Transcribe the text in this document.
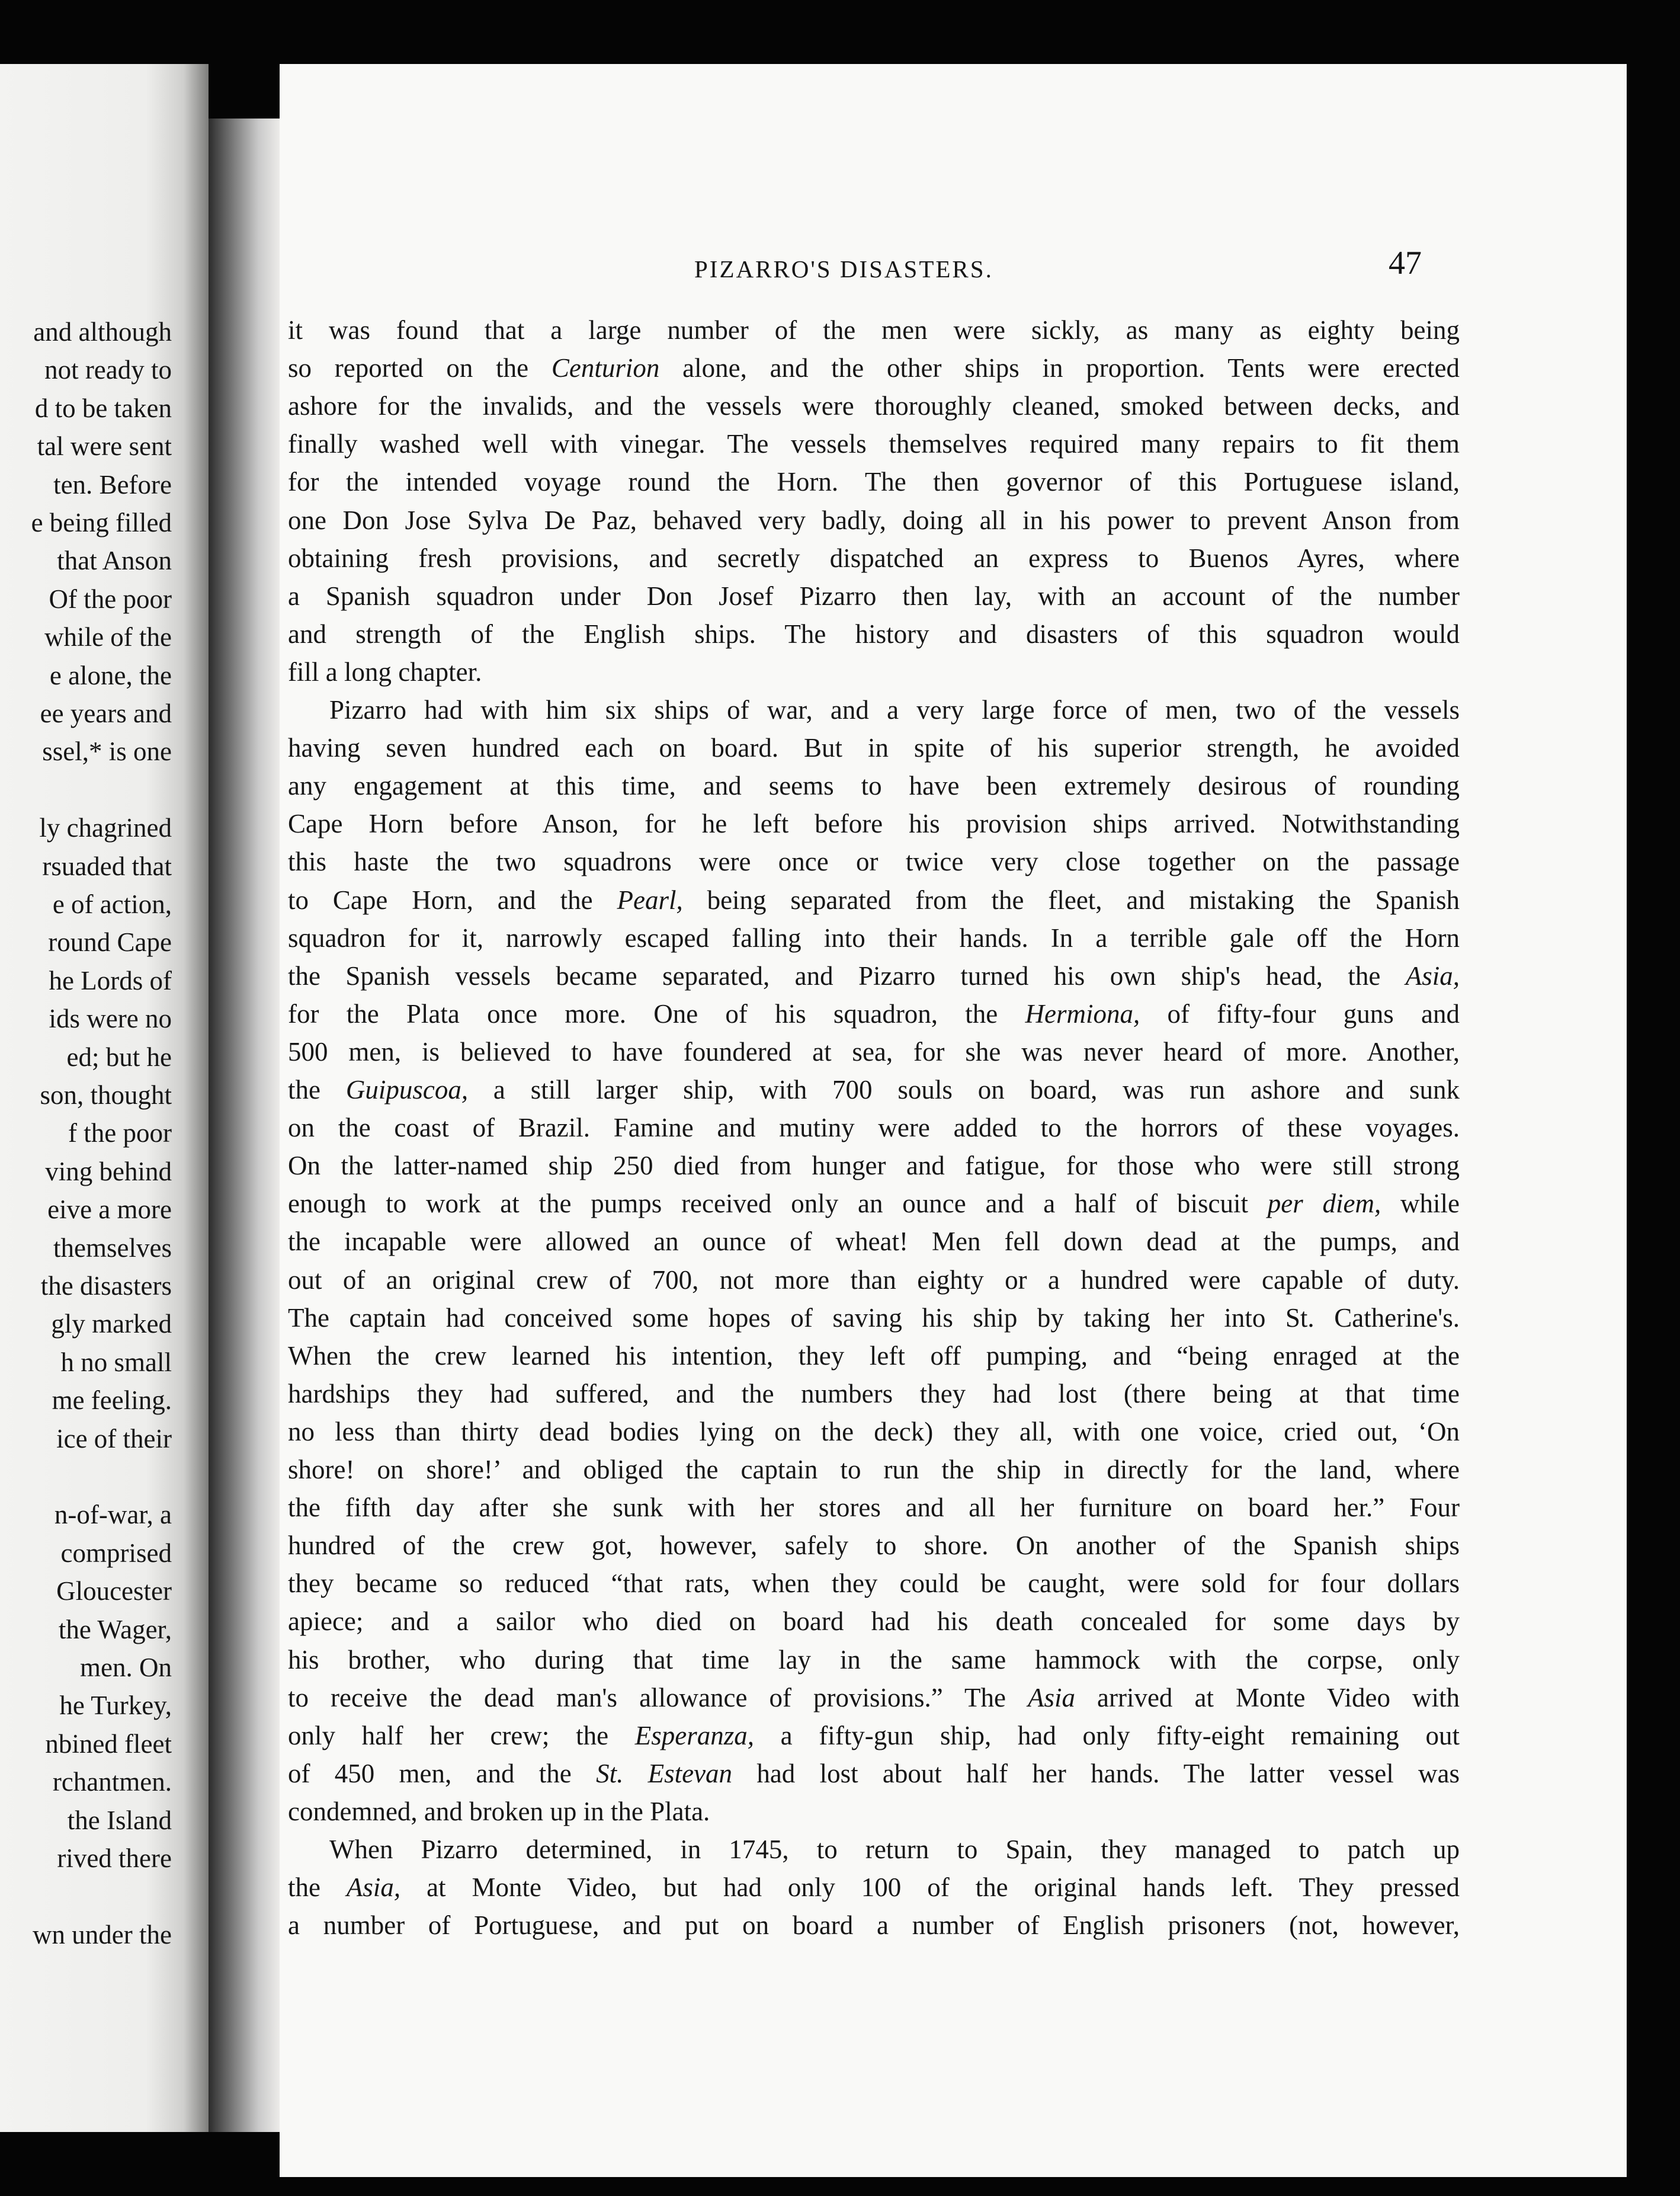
and although
not ready to
d to be taken
tal were sent
ten. Before
e being filled
that Anson
Of the poor
while of the
e alone, the
ee years and
ssel,* is one
ly chagrined
rsuaded that
e of action,
round Cape
he Lords of
ids were no
ed; but he
son, thought
f the poor
ving behind
eive a more
themselves
the disasters
gly marked
h no small
me feeling.
ice of their
n-of-war, a
comprised
Gloucester
the Wager,
men. On
he Turkey,
nbined fleet
rchantmen.
the Island
rived there
wn under the
PIZARRO'S DISASTERS.	47
it was found that a large number of the men were sickly, as many as eighty being
so reported on the Centurion alone, and the other ships in proportion. Tents were erected
ashore for the invalids, and the vessels were thoroughly cleaned, smoked between decks, and
finally washed well with vinegar. The vessels themselves required many repairs to fit them
for the intended voyage round the Horn. The then governor of this Portuguese island,
one Don Jose Sylva De Paz, behaved very badly, doing all in his power to prevent Anson from
obtaining fresh provisions, and secretly dispatched an express to Buenos Ayres, where
a Spanish squadron under Don Josef Pizarro then lay, with an account of the number
and strength of the English ships. The history and disasters of this squadron would
fill a long chapter.
Pizarro had with him six ships of war, and a very large force of men, two of the vessels
having seven hundred each on board. But in spite of his superior strength, he avoided
any engagement at this time, and seems to have been extremely desirous of rounding
Cape Horn before Anson, for he left before his provision ships arrived. Notwithstanding
this haste the two squadrons were once or twice very close together on the passage
to Cape Horn, and the Pearl, being separated from the fleet, and mistaking the Spanish
squadron for it, narrowly escaped falling into their hands. In a terrible gale off the Horn
the Spanish vessels became separated, and Pizarro turned his own ship's head, the Asia,
for the Plata once more. One of his squadron, the Hermiona, of fifty-four guns and
500 men, is believed to have foundered at sea, for she was never heard of more. Another,
the Guipuscoa, a still larger ship, with 700 souls on board, was run ashore and sunk
on the coast of Brazil. Famine and mutiny were added to the horrors of these voyages.
On the latter-named ship 250 died from hunger and fatigue, for those who were still strong
enough to work at the pumps received only an ounce and a half of biscuit per diem, while
the incapable were allowed an ounce of wheat! Men fell down dead at the pumps, and
out of an original crew of 700, not more than eighty or a hundred were capable of duty.
The captain had conceived some hopes of saving his ship by taking her into St. Catherine's.
When the crew learned his intention, they left off pumping, and “being enraged at the
hardships they had suffered, and the numbers they had lost (there being at that time
no less than thirty dead bodies lying on the deck) they all, with one voice, cried out, ‘On
shore! on shore!’ and obliged the captain to run the ship in directly for the land, where
the fifth day after she sunk with her stores and all her furniture on board her.” Four
hundred of the crew got, however, safely to shore. On another of the Spanish ships
they became so reduced “that rats, when they could be caught, were sold for four dollars
apiece; and a sailor who died on board had his death concealed for some days by
his brother, who during that time lay in the same hammock with the corpse, only
to receive the dead man's allowance of provisions.” The Asia arrived at Monte Video with
only half her crew; the Esperanza, a fifty-gun ship, had only fifty-eight remaining out
of 450 men, and the St. Estevan had lost about half her hands. The latter vessel was
condemned, and broken up in the Plata.
When Pizarro determined, in 1745, to return to Spain, they managed to patch up
the Asia, at Monte Video, but had only 100 of the original hands left. They pressed
a number of Portuguese, and put on board a number of English prisoners (not, however,
